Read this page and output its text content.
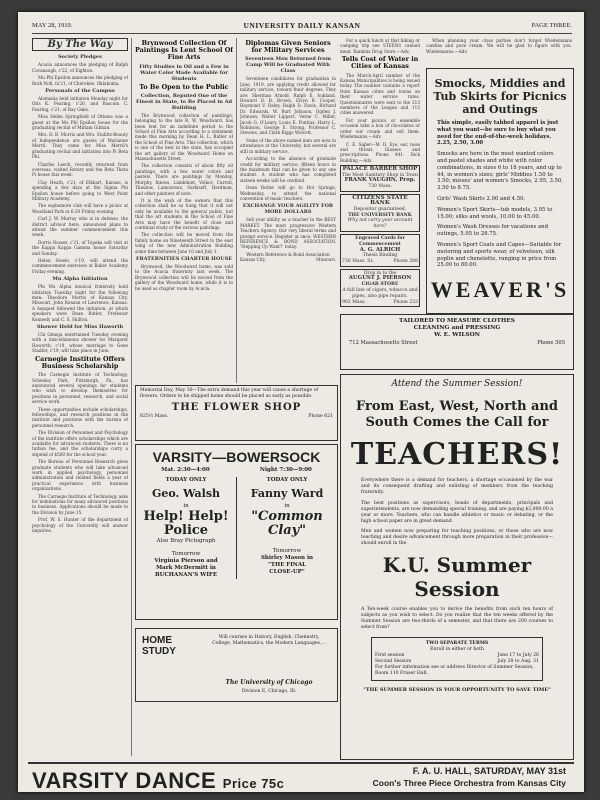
MAY 28, 1919.	UNIVERSITY DAILY KANSAN	PAGE THREE.
By The Way
Society Pledges

Acacia announces the pledging of Ralph Cavanaugh, c'22, of Eighton.

Mu Phi Epsilon announces the pledging of Ruth Noll, fa'21, of Cherokee, Oklahoma.

Personals of the Campus

Alemania held initiation Monday night for Otis K. Fearing, c'20, and Bascom C. Fearing, c'21, of Bay Oaks.

Miss Helen Springfield of Ottawa was a guest at the Mu Phi Epsilon house for the graduating recital of Miriam Gilman.

Mrs. D. B. Morris and Mrs. Stahltz-Beauty of Independence are guests of Marianne Merril. They came for Miss Merril's graduating recital and initiation into Pi Beta Phi.

Charles Leech, recently returned from overseas, visited Rotary and the Beta Theta Pi house this week.

Clay Heath, c'21, of Elkhart, Kansas, is spending a few days at the Sigma Phi Epsilon house before going to West Point Military Academy.

The sophomore club will have a picnic at Woodland Park at 6:30 Friday evening.

Carl J. W. Murray who is in defense, the district advisor here, announced plans to attend the summer commencement this week.

Dorris Rosser, c'21, of Topeka will visit at the Kappa Kappa Gamma house Saturday and Sunday.

Helen Steele, c'19, will attend the commencement exercises at Baker Academy Friday evening.

Mu Alpha Initiation

Phi Mu Alpha musical fraternity held initiation Tuesday night for the following men: Theodore Morris of Kansas City, Missouri, John Ronzan of Lawrence, Kansas. A banquet followed the initiation, at which speakers were Dean Butler, Professor Kennedy and C. S. Skilton.

Shower Held for Miss Haworth

Chi Omega entertained Tuesday evening with a miscellaneous shower for Margaret Haworth, c'19, whose marriage to Gene Stadler, c'19, will take place in June.

Carnegie Institute Offers Business Scholarship

The Carnegie Institute of Technology, Schenley Park, Pittsburgh, Pa., has announced several openings for students who wish to develop themselves for positions in personnel, research, and social service work.

These opportunities include scholarships, fellowships, and research positions in the institute and positions with the bureau of personnel research.

The Division of Personnel and Psychology of the institute offers scholarships which are available for advanced students. There is no tuition fee, and the scholarships carry a stipend of $500 for the school year.

The Bureau of Personnel Research gives graduate students who will take advanced work in applied psychology, personnel administration and related fields a year of practical experience with business organizations.

The Carnegie Institute of Technology asks for nominations for many advanced positions in business. Applications should be made to the Division by June 15.

Prof. W. S. Hunter of the department of psychology of the University will answer inquiries.

Brynwood Collection Of Paintings Is Lent School Of Fine Arts
Fifty Studies in Oil and a Few in Water Color Made Available for Students
To Be Open to the Public
Collection, Reputed One of the Finest in State, to Be Placed in Ad Building

The Brynwood collection of paintings, belonging to the late R. W. Woodward, has been lent for an indefinite period to the School of Fine Arts according to a statement made this morning by Dean H. L. Butler of the School of Fine Arts. This collection, which is one of the best in the state, has occupied the art gallery of the Woodward Home on Massachusetts Street.

The collection consists of about fifty oil paintings, with a few water colors and pastels. There are paintings by Monday, Murphy, Inness, Lamblinet, Volkov, Carroll, Thaulow, Lamoureux, Sarkisoft, Hardman, and other painters of note.

It is the wish of the owners that this collection shall be so hung that it will not only be available to the general public, but that the art students in the School of Fine Arts may have the benefit of close and continual study of the various paintings.

The collection will be moved from the family home on Nineteenth Street to the east wing of the new Administration Building some time between June 10 and July 1.

FRATERNITIES CHARTER HOUSE

Brynwood, the Woodward home, was sold to the Acacia fraternity last week. The Brynwood collection will be moved from the gallery of the Woodward home, while it is to be used as chapter room by Acacia.

Diplomas Given Seniors for Military Services
Seventeen Men Returned from Camp Will be Graduated With Class

Seventeen candidates for graduation in June, 1919, are applying credit allowed for military service, toward their degrees. They are: Sherman Arnold, Ralph E. Aukland, Howard D. B. Brown, Elvyn R. Cooper, Raymond V. Daley, Ralph D. Davis, Richard Dr. Edwards, W. Burt Johnson, Ogden J. Johnson, Walter Lippert, Verne C. Miller, Jacob G. O'Leary, Louis E. Pontius, Harry L. Robinson, George E. Strong, Professor C. Stevens, and Clark Riggs Wolcott.

Some of the above named men are now in attendance at the University, but several are still in military service.

According to the absence of graduate credit for military service, fifteen hours in the maximum that can be given to any one student. A student who has completed sixteen weeks will be credited.

Dean Butler will go to Hot Springs, Wednesday, to attend the national convention of music teachers.

EXCHANGE YOUR AGILITY FOR MORE DOLLARS

Sell your ability as a teacher in the BEST MARKET. The most progressive Western Teachers Agency. Our very liberal terms and prompt service. Register at once. WESTERN REFERENCE & BOND ASSOCIATION, 'Stepping Up Want?' today.

Western Reference & Bond Association
Kansas City.	Missouri.
Memorial Day, May 30—The extra demand this year will cause a shortage of flowers. Orders to be shipped home should be placed as early as possible.
THE FLOWER SHOP
825½ Mass.	Phone 621

For a quick lunch at that hiking or camping trip see STEENS canned meat. Rankins Drug Store.—Adv.

Tells Cost of Water in Cities of Kansas

The March-April number of the Kansas Municipalities is being issued today. The number contains a report from Kansas cities and towns on their water service rates. Questionnaires were sent to the 213 members of the League and 115 cities answered.

For your picnics or ensemble occasion take a box of chocolates or order our cream and sell them. Wiedemanns.—Adv.

C. E. Sigler—M. D. Eye, ear, nose and throat. Glasses and prescriptions. Phone 441. Dick Building.—Adv.

PALACE BARBER SHOP
The Most Sanitary Shop in Town
FRANK VAUGHN, Prop.
730 Mass.
CITIZENS STATE BANK
Depositor guaranteed.
THE UNIVERSITY BANK
Why not carry your account here?
Engraved Cards for Commencement
A. G. ALRICH
Thesis Binding
736 Mass. St.	Phone 288
Drop in to the
AUGUST J. PIERSON
CIGAR STORE
A full line of cigars, tobacco and pipes, also pipe repairs.
902 Mass.	Phone 233

When planning your class parties don't forget Wiedemanns candies and pure cream. We will be glad to figure with you. Wiedemanns.—Adv.

Smocks, Middies and Tub Skirts for Picnics and Outings

This simple, easily tabbed apparel is just what you want—be sure to buy what you need for the end-of-the-week holidays. 2.25, 2.50, 3.00

Smocks are here in the most wanted colors and pastel shades and white with color combinations, in sizes 6 to 18 years, and up to 44, in women's sizes; girls' Middies 1.50 to 3.50; misses' and women's Smocks, 2.95, 3.50, 3.50 to 8.75.

Girls' Wash Skirts 2.00 and 4.50.

Women's Sport Skirts—tub models, 3.95 to 15.00; silks and wools, 10.00 to 45.00.

Women's Wash Dresses for vacations and outings, 5.95 to 28.75.

Women's Sport Coats and Capes—Suitable for motoring and sports wear, of velveteen, silk poplin and chenelette, ranging in price from 25.00 to 80.00.

WEAVER'S
TAILORED TO MEASURE CLOTHES
CLEANING and PRESSING
W. E. WILSON
712 Massachusetts Street	Phone 505
VARSITY—BOWERSOCK
Mat. 2:30—4:00	Night 7:30—9:00
TODAY ONLY
Geo. Walsh
in
Help! Help! Police
Also Bray Pictograph
Tomorrow
Virginia Pierson and
Mark McDermitt in
BUCHANAN'S WIFE
TODAY ONLY
Fanny Ward
in
"Common Clay"
Tomorrow
Shirley Mason in
"THE FINAL
CLOSE-UP"
HOME
STUDY
Will courses in History, English, Chemistry, College, Mathematics, the Modern Languages,...
The University of Chicago
Division E, Chicago, Ill.
Attend the Summer Session!
From East, West, North and
South Comes the Call for
TEACHERS!

Everywhere there is a demand for teachers, a shortage occasioned by the war and its consequent drafting and enlisting of members from the teaching fraternity.

The best positions as supervisors, heads of departments, principals and superintendents, are now demanding special training, and are paying $2,000.00 a year or more. Teachers, who can handle athletics or music or debating, or the high school paper are in great demand.

Men and women now preparing for teaching positions, or those who are now teaching and desire advancement through more preparation in their profession—should enroll in the

K.U. Summer Session

A Ten-week course enables you to derive the benefits from such ten hours of subjects as you wish to select. Do you realize that the ten weeks offered by the Summer Session are two-thirds of a semester, and that there are 200 courses to select from?

TWO SEPARATE TERMS
Enroll in either or both
First session	June 17 to July 26
Second Session	July 28 to Aug. 31
For further information see or address Director of Summer Session, Room 110 Fraser Hall.
"THE SUMMER SESSION IS YOUR OPPORTUNITY TO SAVE TIME"
VARSITY DANCE Price 75c
F. A. U. HALL, SATURDAY, MAY 31st
Coon's Three Piece Orchestra from Kansas City
